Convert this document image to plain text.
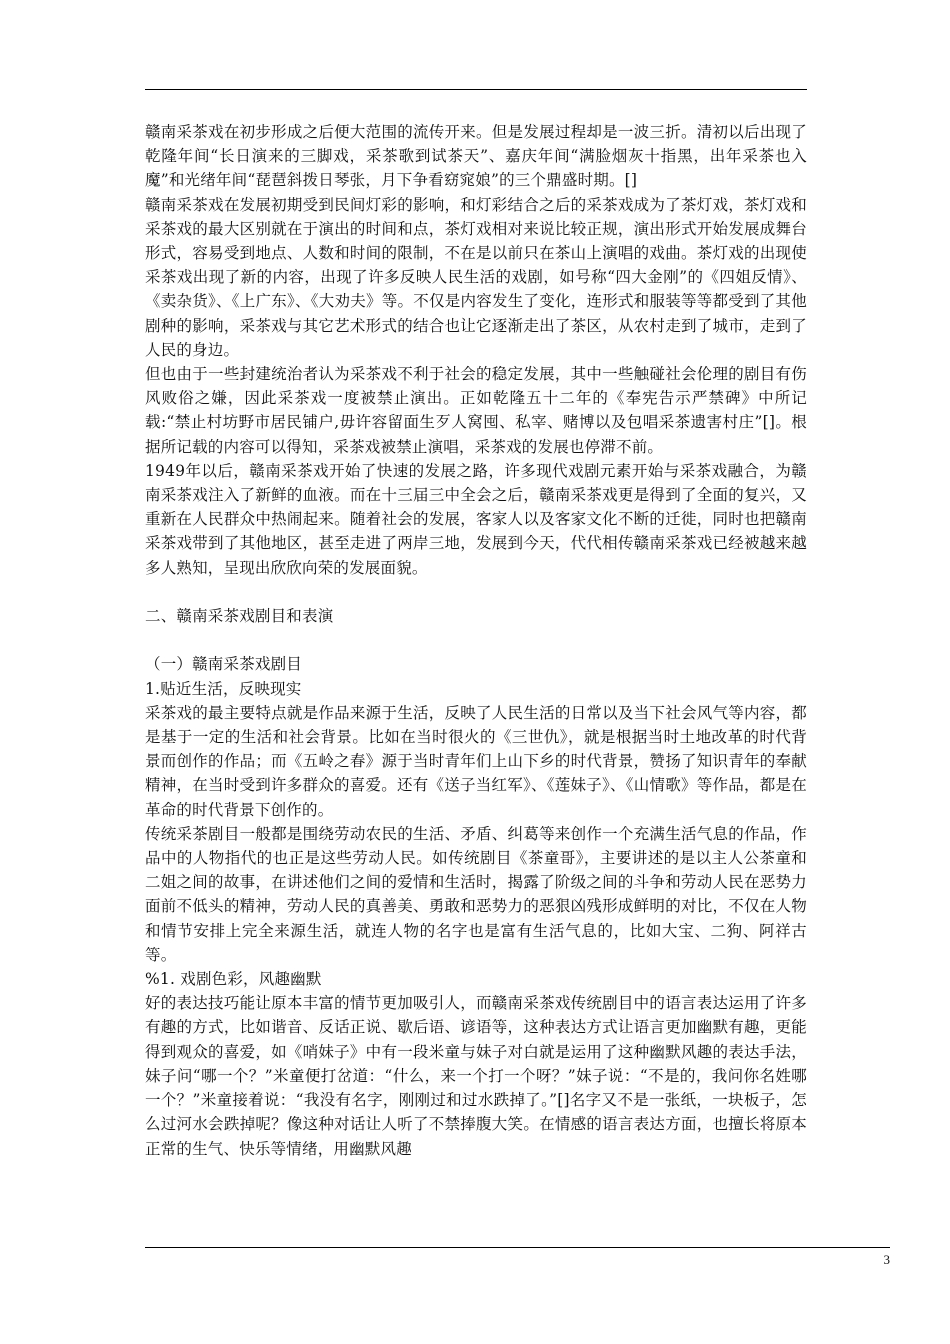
赣南采茶戏在初步形成之后便大范围的流传开来。但是发展过程却是一波三折。清初以后出现了乾隆年间“长日演来的三脚戏，采茶歌到试茶天”、嘉庆年间“满脸烟灰十指黑，出年采茶也入魔”和光绪年间“琵琶斜拨日琴张，月下争看窈窕娘”的三个鼎盛时期。[]

赣南采茶戏在发展初期受到民间灯彩的影响，和灯彩结合之后的采茶戏成为了茶灯戏，茶灯戏和采茶戏的最大区别就在于演出的时间和点，茶灯戏相对来说比较正规，演出形式开始发展成舞台形式，容易受到地点、人数和时间的限制，不在是以前只在茶山上演唱的戏曲。茶灯戏的出现使采茶戏出现了新的内容，出现了许多反映人民生活的戏剧，如号称“四大金刚”的《四姐反情》、《卖杂货》、《上广东》、《大劝夫》等。不仅是内容发生了变化，连形式和服装等等都受到了其他剧种的影响，采茶戏与其它艺术形式的结合也让它逐渐走出了茶区，从农村走到了城市，走到了人民的身边。

但也由于一些封建统治者认为采茶戏不利于社会的稳定发展，其中一些触碰社会伦理的剧目有伤风败俗之嫌，因此采茶戏一度被禁止演出。正如乾隆五十二年的《奉宪告示严禁碑》中所记载:“禁止村坊野市居民铺户,毋许容留面生歹人窝囤、私宰、赌博以及包唱采茶遗害村庄”[]。根据所记载的内容可以得知，采茶戏被禁止演唱，采茶戏的发展也停滞不前。

1949年以后，赣南采茶戏开始了快速的发展之路，许多现代戏剧元素开始与采茶戏融合，为赣南采茶戏注入了新鲜的血液。而在十三届三中全会之后，赣南采茶戏更是得到了全面的复兴，又重新在人民群众中热闹起来。随着社会的发展，客家人以及客家文化不断的迁徙，同时也把赣南采茶戏带到了其他地区，甚至走进了两岸三地，发展到今天，代代相传赣南采茶戏已经被越来越多人熟知，呈现出欣欣向荣的发展面貌。

二、赣南采茶戏剧目和表演

（一）赣南采茶戏剧目

1.贴近生活，反映现实

采茶戏的最主要特点就是作品来源于生活，反映了人民生活的日常以及当下社会风气等内容，都是基于一定的生活和社会背景。比如在当时很火的《三世仇》，就是根据当时土地改革的时代背景而创作的作品；而《五岭之春》源于当时青年们上山下乡的时代背景，赞扬了知识青年的奉献精神，在当时受到许多群众的喜爱。还有《送子当红军》、《莲妹子》、《山情歌》等作品，都是在革命的时代背景下创作的。

传统采茶剧目一般都是围绕劳动农民的生活、矛盾、纠葛等来创作一个充满生活气息的作品，作品中的人物指代的也正是这些劳动人民。如传统剧目《茶童哥》，主要讲述的是以主人公茶童和二姐之间的故事，在讲述他们之间的爱情和生活时，揭露了阶级之间的斗争和劳动人民在恶势力面前不低头的精神，劳动人民的真善美、勇敢和恶势力的恶狠凶残形成鲜明的对比，不仅在人物和情节安排上完全来源生活，就连人物的名字也是富有生活气息的，比如大宝、二狗、阿祥古等。

%1. 戏剧色彩，风趣幽默

好的表达技巧能让原本丰富的情节更加吸引人，而赣南采茶戏传统剧目中的语言表达运用了许多有趣的方式，比如谐音、反话正说、歇后语、谚语等，这种表达方式让语言更加幽默有趣，更能得到观众的喜爱，如《哨妹子》中有一段米童与妹子对白就是运用了这种幽默风趣的表达手法，妹子问“哪一个？”米童便打岔道：“什么，来一个打一个呀？”妹子说：“不是的，我问你名姓哪一个？”米童接着说：“我没有名字，刚刚过和过水跌掉了。”[]名字又不是一张纸，一块板子，怎么过河水会跌掉呢？像这种对话让人听了不禁捧腹大笑。在情感的语言表达方面，也擅长将原本正常的生气、快乐等情绪，用幽默风趣

3
